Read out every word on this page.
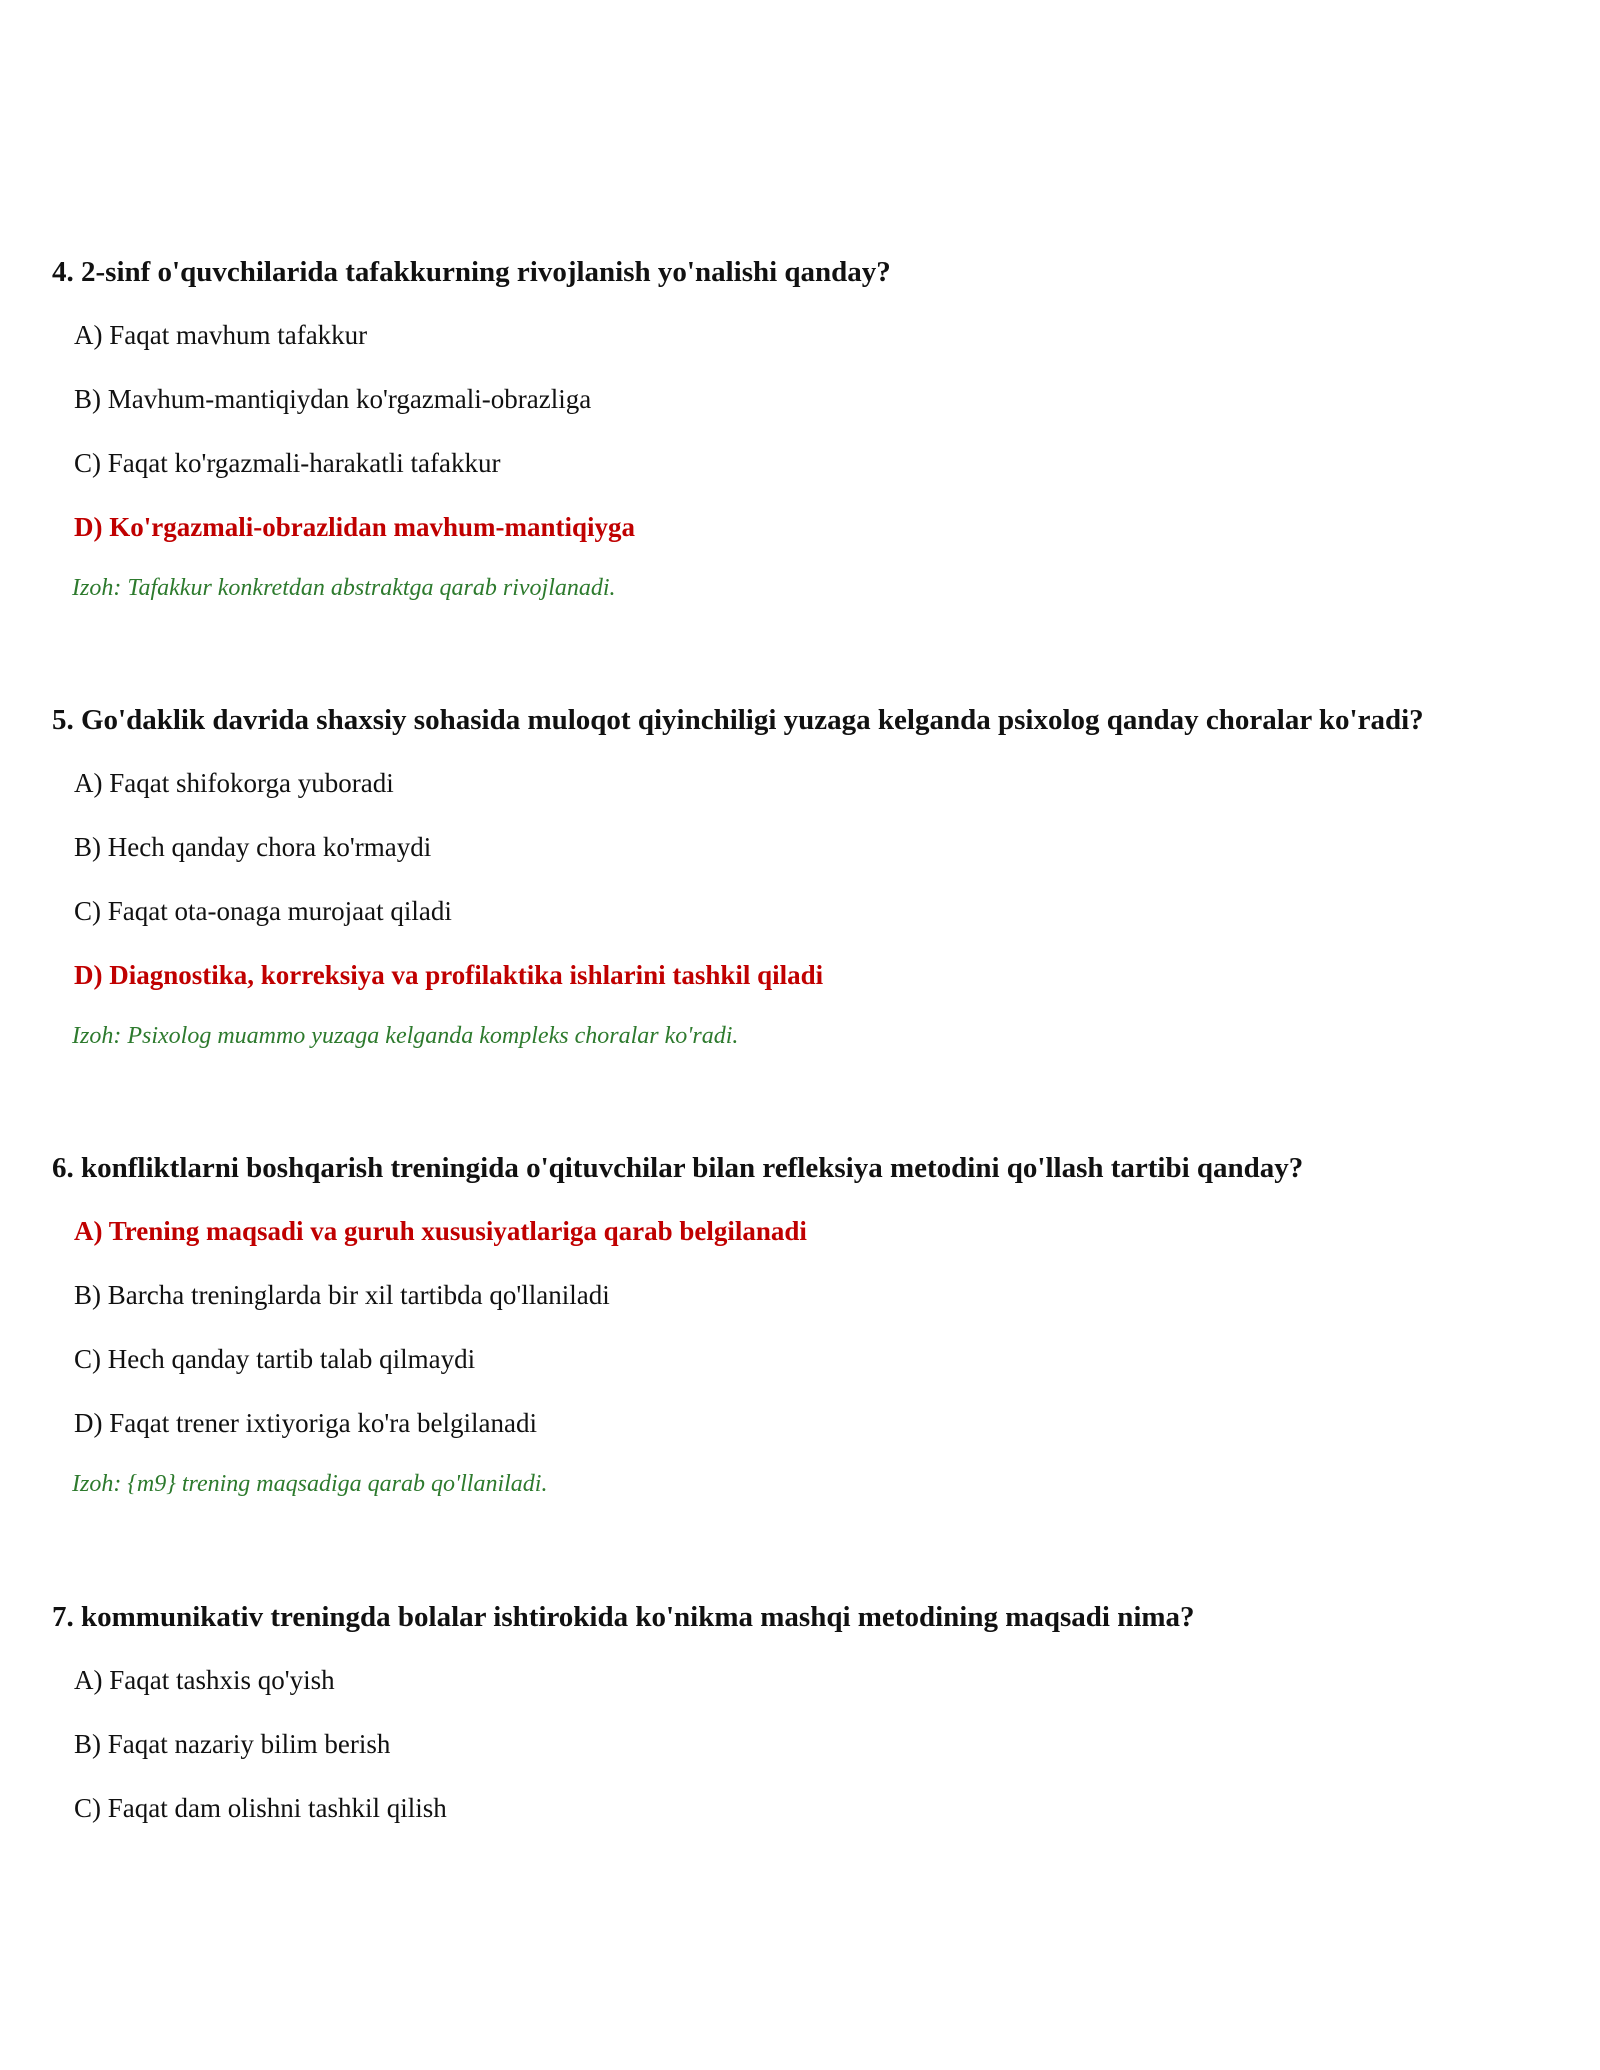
4. 2-sinf o'quvchilarida tafakkurning rivojlanish yo'nalishi qanday?

A) Faqat mavhum tafakkur
B) Mavhum-mantiqiydan ko'rgazmali-obrazliga
C) Faqat ko'rgazmali-harakatli tafakkur
D) Ko'rgazmali-obrazlidan mavhum-mantiqiyga
Izoh: Tafakkur konkretdan abstraktga qarab rivojlanadi.

5. Go'daklik davrida shaxsiy sohasida muloqot qiyinchiligi yuzaga kelganda psixolog qanday choralar ko'radi?

A) Faqat shifokorga yuboradi
B) Hech qanday chora ko'rmaydi
C) Faqat ota-onaga murojaat qiladi
D) Diagnostika, korreksiya va profilaktika ishlarini tashkil qiladi
Izoh: Psixolog muammo yuzaga kelganda kompleks choralar ko'radi.

6. konfliktlarni boshqarish treningida o'qituvchilar bilan refleksiya metodini qo'llash tartibi qanday?

A) Trening maqsadi va guruh xususiyatlariga qarab belgilanadi
B) Barcha treninglarda bir xil tartibda qo'llaniladi
C) Hech qanday tartib talab qilmaydi
D) Faqat trener ixtiyoriga ko'ra belgilanadi
Izoh: {m9} trening maqsadiga qarab qo'llaniladi.

7. kommunikativ treningda bolalar ishtirokida ko'nikma mashqi metodining maqsadi nima?

A) Faqat tashxis qo'yish
B) Faqat nazariy bilim berish
C) Faqat dam olishni tashkil qilish
